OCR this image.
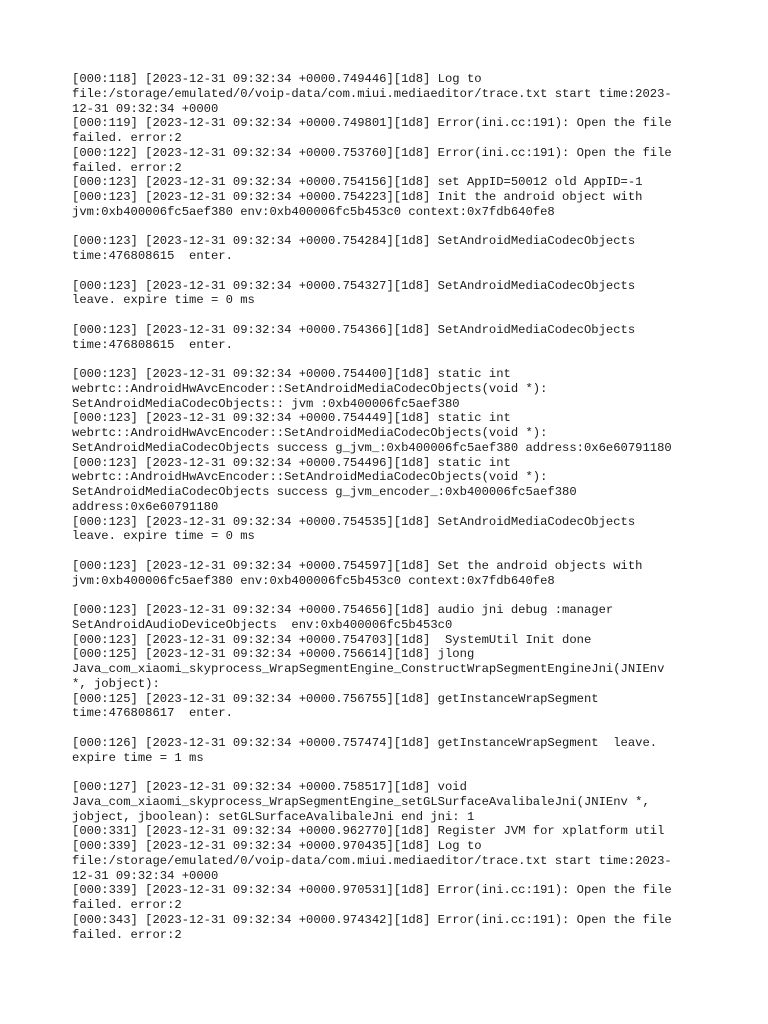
[000:118] [2023-12-31 09:32:34 +0000.749446][1d8] Log to
file:/storage/emulated/0/voip-data/com.miui.mediaeditor/trace.txt start time:2023-
12-31 09:32:34 +0000
[000:119] [2023-12-31 09:32:34 +0000.749801][1d8] Error(ini.cc:191): Open the file
failed. error:2
[000:122] [2023-12-31 09:32:34 +0000.753760][1d8] Error(ini.cc:191): Open the file
failed. error:2
[000:123] [2023-12-31 09:32:34 +0000.754156][1d8] set AppID=50012 old AppID=-1
[000:123] [2023-12-31 09:32:34 +0000.754223][1d8] Init the android object with
jvm:0xb400006fc5aef380 env:0xb400006fc5b453c0 context:0x7fdb640fe8
[000:123] [2023-12-31 09:32:34 +0000.754284][1d8] SetAndroidMediaCodecObjects
time:476808615  enter.
[000:123] [2023-12-31 09:32:34 +0000.754327][1d8] SetAndroidMediaCodecObjects
leave. expire time = 0 ms
[000:123] [2023-12-31 09:32:34 +0000.754366][1d8] SetAndroidMediaCodecObjects
time:476808615  enter.
[000:123] [2023-12-31 09:32:34 +0000.754400][1d8] static int
webrtc::AndroidHwAvcEncoder::SetAndroidMediaCodecObjects(void *):
SetAndroidMediaCodecObjects:: jvm :0xb400006fc5aef380
[000:123] [2023-12-31 09:32:34 +0000.754449][1d8] static int
webrtc::AndroidHwAvcEncoder::SetAndroidMediaCodecObjects(void *):
SetAndroidMediaCodecObjects success g_jvm_:0xb400006fc5aef380 address:0x6e60791180
[000:123] [2023-12-31 09:32:34 +0000.754496][1d8] static int
webrtc::AndroidHwAvcEncoder::SetAndroidMediaCodecObjects(void *):
SetAndroidMediaCodecObjects success g_jvm_encoder_:0xb400006fc5aef380
address:0x6e60791180
[000:123] [2023-12-31 09:32:34 +0000.754535][1d8] SetAndroidMediaCodecObjects
leave. expire time = 0 ms
[000:123] [2023-12-31 09:32:34 +0000.754597][1d8] Set the android objects with
jvm:0xb400006fc5aef380 env:0xb400006fc5b453c0 context:0x7fdb640fe8
[000:123] [2023-12-31 09:32:34 +0000.754656][1d8] audio jni debug :manager
SetAndroidAudioDeviceObjects  env:0xb400006fc5b453c0
[000:123] [2023-12-31 09:32:34 +0000.754703][1d8]  SystemUtil Init done
[000:125] [2023-12-31 09:32:34 +0000.756614][1d8] jlong
Java_com_xiaomi_skyprocess_WrapSegmentEngine_ConstructWrapSegmentEngineJni(JNIEnv
*, jobject):
[000:125] [2023-12-31 09:32:34 +0000.756755][1d8] getInstanceWrapSegment
time:476808617  enter.
[000:126] [2023-12-31 09:32:34 +0000.757474][1d8] getInstanceWrapSegment  leave.
expire time = 1 ms
[000:127] [2023-12-31 09:32:34 +0000.758517][1d8] void
Java_com_xiaomi_skyprocess_WrapSegmentEngine_setGLSurfaceAvalibaleJni(JNIEnv *,
jobject, jboolean): setGLSurfaceAvalibaleJni end jni: 1
[000:331] [2023-12-31 09:32:34 +0000.962770][1d8] Register JVM for xplatform util
[000:339] [2023-12-31 09:32:34 +0000.970435][1d8] Log to
file:/storage/emulated/0/voip-data/com.miui.mediaeditor/trace.txt start time:2023-
12-31 09:32:34 +0000
[000:339] [2023-12-31 09:32:34 +0000.970531][1d8] Error(ini.cc:191): Open the file
failed. error:2
[000:343] [2023-12-31 09:32:34 +0000.974342][1d8] Error(ini.cc:191): Open the file
failed. error:2
